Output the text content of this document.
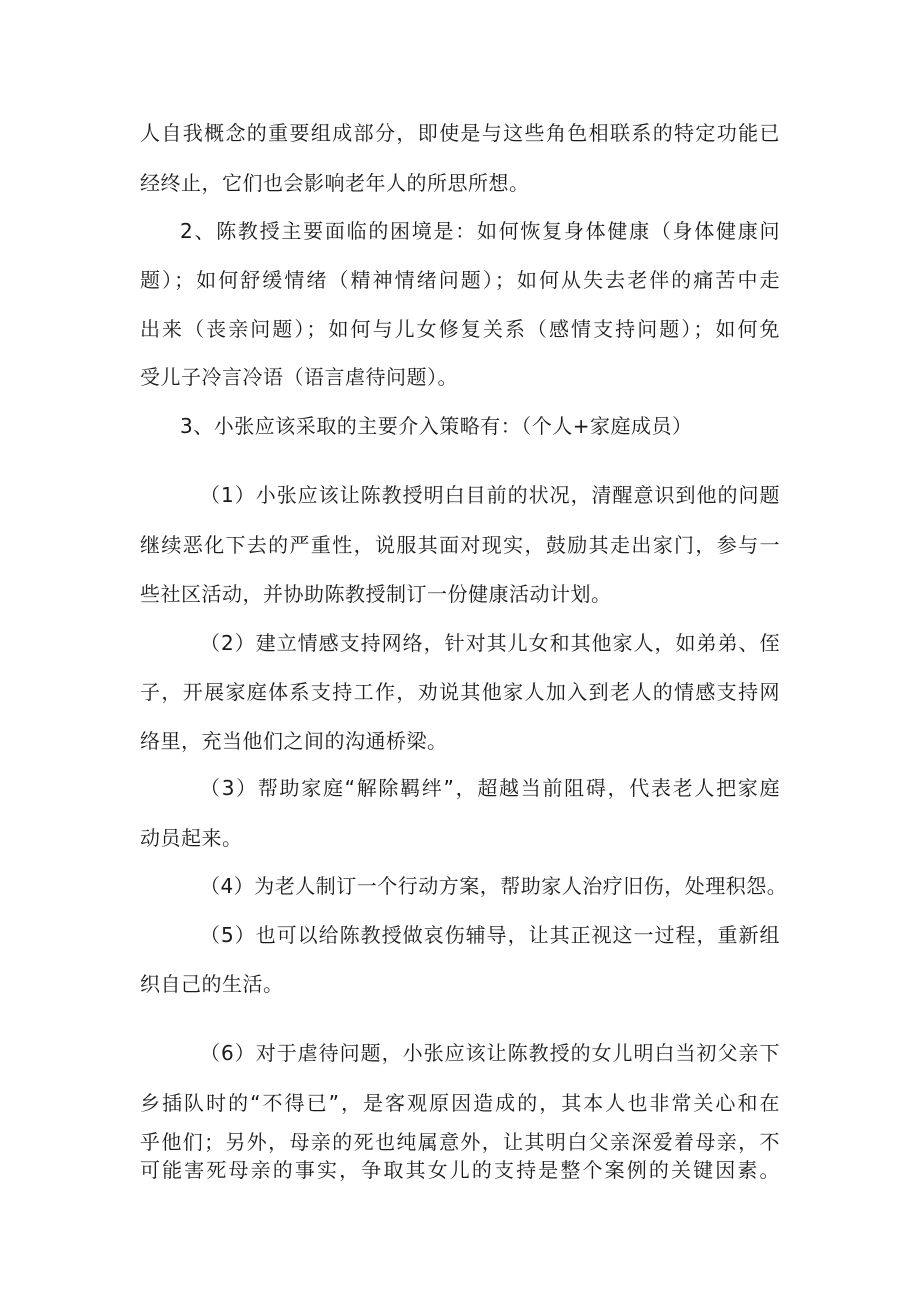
人自我概念的重要组成部分，即使是与这些角色相联系的特定功能已
经终止，它们也会影响老年人的所思所想。
2、陈教授主要面临的困境是：如何恢复身体健康（身体健康问
题）；如何舒缓情绪（精神情绪问题）；如何从失去老伴的痛苦中走
出来（丧亲问题）；如何与儿女修复关系（感情支持问题）；如何免
受儿子冷言冷语（语言虐待问题）。
3、小张应该采取的主要介入策略有：（个人+家庭成员）
（1）小张应该让陈教授明白目前的状况，清醒意识到他的问题
继续恶化下去的严重性，说服其面对现实，鼓励其走出家门，参与一
些社区活动，并协助陈教授制订一份健康活动计划。
（2）建立情感支持网络，针对其儿女和其他家人，如弟弟、侄
子，开展家庭体系支持工作，劝说其他家人加入到老人的情感支持网
络里，充当他们之间的沟通桥梁。
（3）帮助家庭“解除羁绊”，超越当前阻碍，代表老人把家庭
动员起来。
（4）为老人制订一个行动方案，帮助家人治疗旧伤，处理积怨。
（5）也可以给陈教授做哀伤辅导，让其正视这一过程，重新组
织自己的生活。
（6）对于虐待问题，小张应该让陈教授的女儿明白当初父亲下
乡插队时的“不得已”，是客观原因造成的，其本人也非常关心和在
乎他们；另外，母亲的死也纯属意外，让其明白父亲深爱着母亲，不
可能害死母亲的事实，争取其女儿的支持是整个案例的关键因素。
